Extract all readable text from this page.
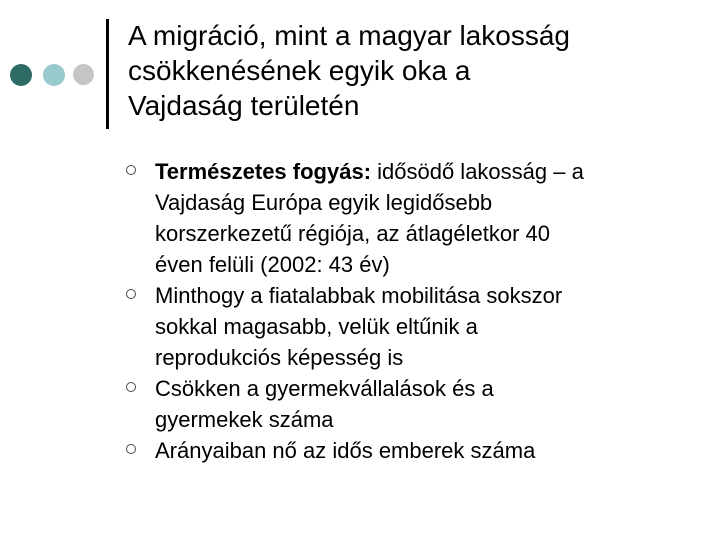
A migráció, mint a magyar lakosság
csökkenésének egyik oka a
Vajdaság területén
Természetes fogyás: idősödő lakosság – a
Vajdaság Európa egyik legidősebb
korszerkezetű régiója, az átlagéletkor 40
éven felüli (2002: 43 év)
Minthogy a fiatalabbak mobilitása sokszor
sokkal magasabb, velük eltűnik a
reprodukciós képesség is
Csökken a gyermekvállalások és a
gyermekek száma
Arányaiban nő az idős emberek száma
